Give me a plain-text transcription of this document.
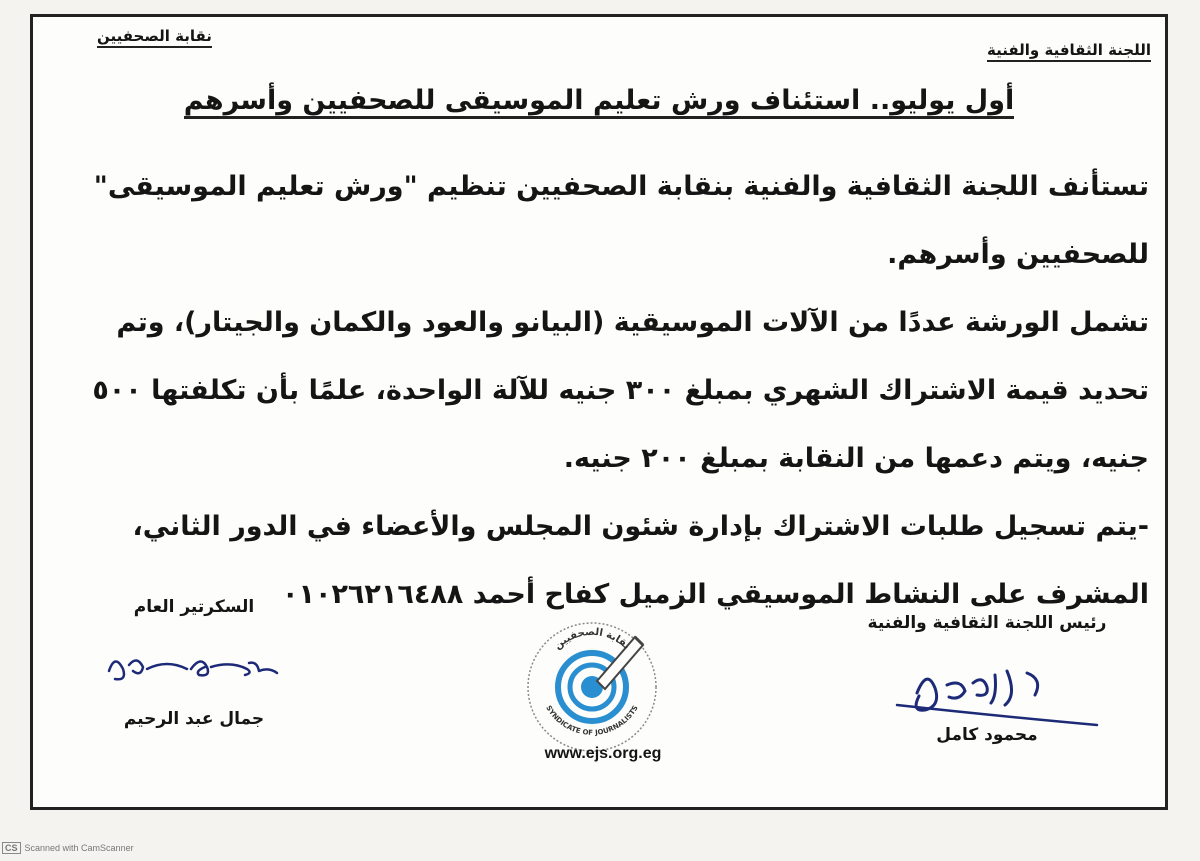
اللجنة الثقافية والفنية
نقابة الصحفيين
أول يوليو.. استئناف ورش تعليم الموسيقى للصحفيين وأسرهم

تستأنف اللجنة الثقافية والفنية بنقابة الصحفيين تنظيم "ورش تعليم الموسيقى" للصحفيين وأسرهم.

تشمل الورشة عددًا من الآلات الموسيقية (البيانو والعود والكمان والجيتار)، وتم تحديد قيمة الاشتراك الشهري بمبلغ ٣٠٠ جنيه للآلة الواحدة، علمًا بأن تكلفتها ٥٠٠ جنيه، ويتم دعمها من النقابة بمبلغ ٢٠٠ جنيه.

-يتم تسجيل طلبات الاشتراك بإدارة شئون المجلس والأعضاء في الدور الثاني، المشرف على النشاط الموسيقي الزميل كفاح أحمد ٠١٠٢٦٢١٦٤٨٨

رئيس اللجنة الثقافية والفنية
محمود كامل
السكرتير العام
جمال عبد الرحيم
نقابة الصحفيين
SYNDICATE OF JOURNALISTS
www.ejs.org.eg
CS Scanned with CamScanner
